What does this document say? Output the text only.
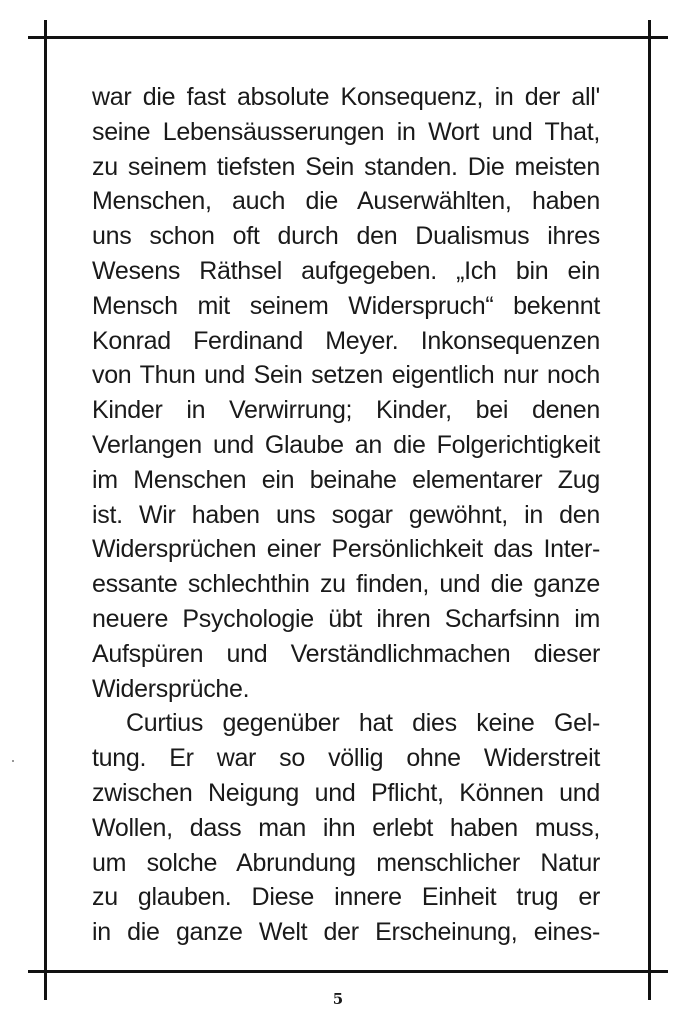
war die fast absolute Konsequenz, in der all'
seine Lebensäusserungen in Wort und That,
zu seinem tiefsten Sein standen. Die meisten
Menschen, auch die Auserwählten, haben
uns schon oft durch den Dualismus ihres
Wesens Räthsel aufgegeben. „Ich bin ein
Mensch mit seinem Widerspruch“ bekennt
Konrad Ferdinand Meyer. Inkonsequenzen
von Thun und Sein setzen eigentlich nur noch
Kinder in Verwirrung; Kinder, bei denen
Verlangen und Glaube an die Folgerichtigkeit
im Menschen ein beinahe elementarer Zug
ist. Wir haben uns sogar gewöhnt, in den
Widersprüchen einer Persönlichkeit das Inter-
essante schlechthin zu finden, und die ganze
neuere Psychologie übt ihren Scharfsinn im
Aufspüren und Verständlichmachen dieser
Widersprüche.
Curtius gegenüber hat dies keine Gel-
tung. Er war so völlig ohne Widerstreit
zwischen Neigung und Pflicht, Können und
Wollen, dass man ihn erlebt haben muss,
um solche Abrundung menschlicher Natur
zu glauben. Diese innere Einheit trug er
in die ganze Welt der Erscheinung, eines-
5
